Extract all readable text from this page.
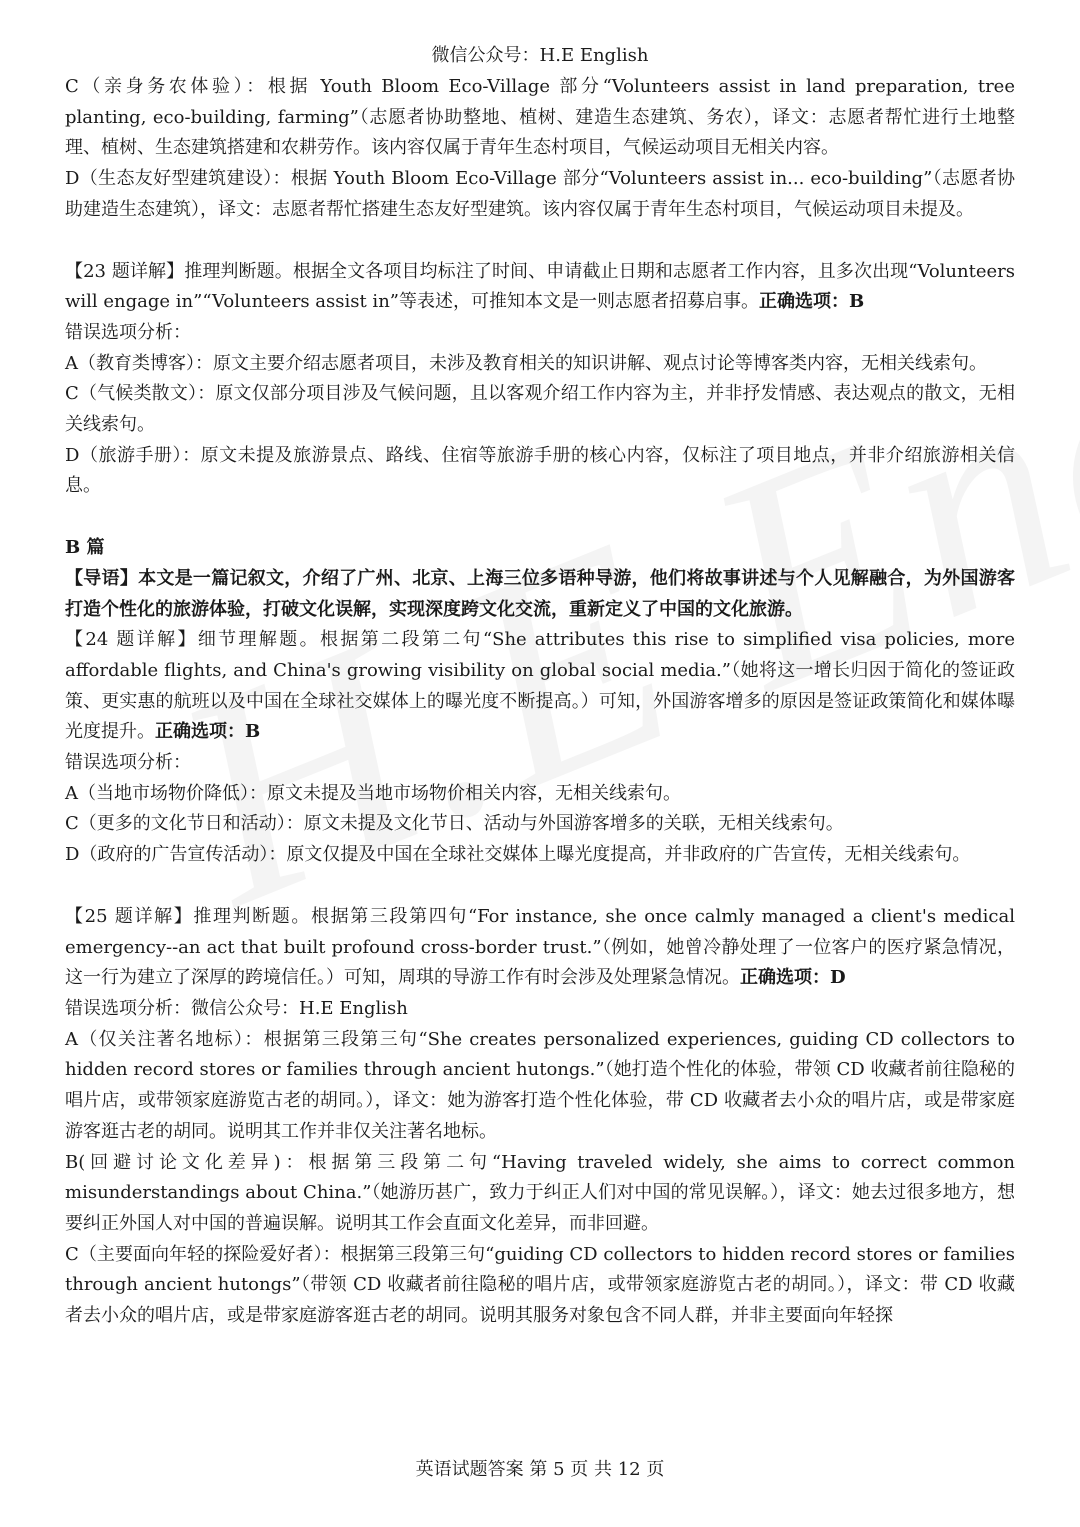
微信公众号：H.E English

C（亲身务农体验）：根据 Youth Bloom Eco-Village 部分“Volunteers assist in land preparation, tree planting, eco-building, farming”（志愿者协助整地、植树、建造生态建筑、务农），译文：志愿者帮忙进行土地整理、植树、生态建筑搭建和农耕劳作。该内容仅属于青年生态村项目，气候运动项目无相关内容。

D（生态友好型建筑建设）：根据 Youth Bloom Eco-Village 部分“Volunteers assist in... eco-building”（志愿者协助建造生态建筑），译文：志愿者帮忙搭建生态友好型建筑。该内容仅属于青年生态村项目，气候运动项目未提及。

【23 题详解】推理判断题。根据全文各项目均标注了时间、申请截止日期和志愿者工作内容，且多次出现“Volunteers will engage in”“Volunteers assist in”等表述，可推知本文是一则志愿者招募启事。正确选项：B

错误选项分析：

A（教育类博客）：原文主要介绍志愿者项目，未涉及教育相关的知识讲解、观点讨论等博客类内容，无相关线索句。

C（气候类散文）：原文仅部分项目涉及气候问题，且以客观介绍工作内容为主，并非抒发情感、表达观点的散文，无相关线索句。

D（旅游手册）：原文未提及旅游景点、路线、住宿等旅游手册的核心内容，仅标注了项目地点，并非介绍旅游相关信息。

B 篇

【导语】本文是一篇记叙文，介绍了广州、北京、上海三位多语种导游，他们将故事讲述与个人见解融合，为外国游客打造个性化的旅游体验，打破文化误解，实现深度跨文化交流，重新定义了中国的文化旅游。

【24 题详解】细节理解题。根据第二段第二句“She attributes this rise to simplified visa policies, more affordable flights, and China's growing visibility on global social media.”（她将这一增长归因于简化的签证政策、更实惠的航班以及中国在全球社交媒体上的曝光度不断提高。）可知，外国游客增多的原因是签证政策简化和媒体曝光度提升。正确选项：B

错误选项分析：

A（当地市场物价降低）：原文未提及当地市场物价相关内容，无相关线索句。

C（更多的文化节日和活动）：原文未提及文化节日、活动与外国游客增多的关联，无相关线索句。

D（政府的广告宣传活动）：原文仅提及中国在全球社交媒体上曝光度提高，并非政府的广告宣传，无相关线索句。

【25 题详解】推理判断题。根据第三段第四句“For instance, she once calmly managed a client's medical emergency--an act that built profound cross-border trust.”（例如，她曾冷静处理了一位客户的医疗紧急情况，这一行为建立了深厚的跨境信任。）可知，周琪的导游工作有时会涉及处理紧急情况。正确选项：D

错误选项分析：微信公众号：H.E English

A（仅关注著名地标）：根据第三段第三句“She creates personalized experiences, guiding CD collectors to hidden record stores or families through ancient hutongs.”（她打造个性化的体验，带领 CD 收藏者前往隐秘的唱片店，或带领家庭游览古老的胡同。），译文：她为游客打造个性化体验，带 CD 收藏者去小众的唱片店，或是带家庭游客逛古老的胡同。说明其工作并非仅关注著名地标。

B(回避讨论文化差异)：根据第三段第二句“Having traveled widely, she aims to correct common misunderstandings about China.”（她游历甚广，致力于纠正人们对中国的常见误解。），译文：她去过很多地方，想要纠正外国人对中国的普遍误解。说明其工作会直面文化差异，而非回避。

C（主要面向年轻的探险爱好者）：根据第三段第三句“guiding CD collectors to hidden record stores or families through ancient hutongs”（带领 CD 收藏者前往隐秘的唱片店，或带领家庭游览古老的胡同。），译文：带 CD 收藏者去小众的唱片店，或是带家庭游客逛古老的胡同。说明其服务对象包含不同人群，并非主要面向年轻探

英语试题答案 第 5 页 共 12 页
